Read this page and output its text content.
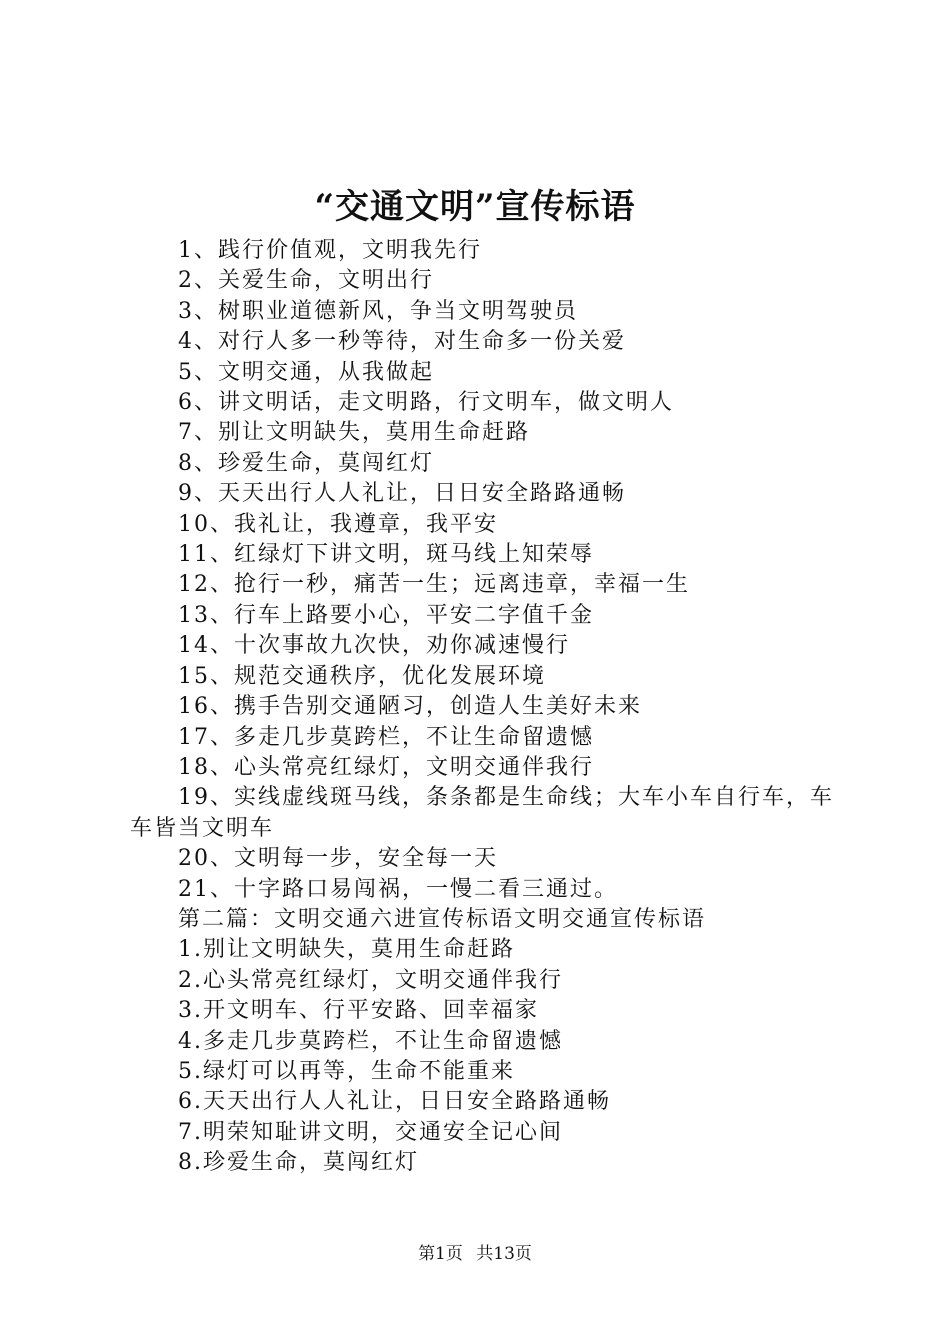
“交通文明”宣传标语
1、践行价值观，文明我先行
2、关爱生命，文明出行
3、树职业道德新风，争当文明驾驶员
4、对行人多一秒等待，对生命多一份关爱
5、文明交通，从我做起
6、讲文明话，走文明路，行文明车，做文明人
7、别让文明缺失，莫用生命赶路
8、珍爱生命，莫闯红灯
9、天天出行人人礼让，日日安全路路通畅
10、我礼让，我遵章，我平安
11、红绿灯下讲文明，斑马线上知荣辱
12、抢行一秒，痛苦一生；远离违章，幸福一生
13、行车上路要小心，平安二字值千金
14、十次事故九次快，劝你减速慢行
15、规范交通秩序，优化发展环境
16、携手告别交通陋习，创造人生美好未来
17、多走几步莫跨栏，不让生命留遗憾
18、心头常亮红绿灯，文明交通伴我行
19、实线虚线斑马线，条条都是生命线；大车小车自行车，车车皆当文明车
20、文明每一步，安全每一天
21、十字路口易闯祸，一慢二看三通过。
第二篇：文明交通六进宣传标语文明交通宣传标语
1.别让文明缺失，莫用生命赶路
2.心头常亮红绿灯，文明交通伴我行
3.开文明车、行平安路、回幸福家
4.多走几步莫跨栏，不让生命留遗憾
5.绿灯可以再等，生命不能重来
6.天天出行人人礼让，日日安全路路通畅
7.明荣知耻讲文明，交通安全记心间
8.珍爱生命，莫闯红灯
第1页 共13页
